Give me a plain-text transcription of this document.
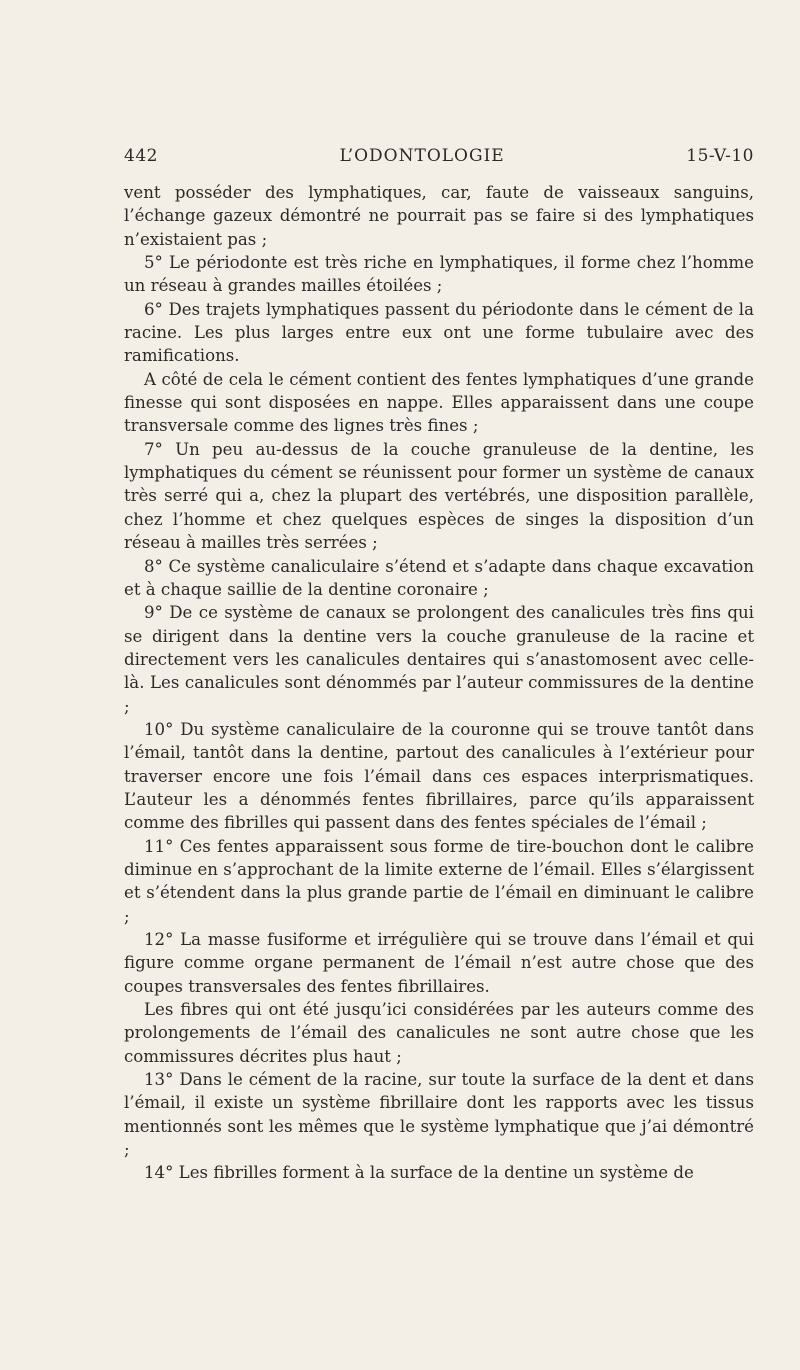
442	L’ODONTOLOGIE	15-V-10

vent posséder des lymphatiques, car, faute de vaisseaux sanguins, l’échange gazeux démontré ne pourrait pas se faire si des lymphatiques n’existaient pas ;

5° Le périodonte est très riche en lymphatiques, il forme chez l’homme un réseau à grandes mailles étoilées ;

6° Des trajets lymphatiques passent du périodonte dans le cément de la racine. Les plus larges entre eux ont une forme tubulaire avec des ramifications.

A côté de cela le cément contient des fentes lymphatiques d’une grande finesse qui sont disposées en nappe. Elles apparaissent dans une coupe transversale comme des lignes très fines ;

7° Un peu au-dessus de la couche granuleuse de la dentine, les lymphatiques du cément se réunissent pour former un système de canaux très serré qui a, chez la plupart des vertébrés, une disposition parallèle, chez l’homme et chez quelques espèces de singes la disposition d’un réseau à mailles très serrées ;

8° Ce système canaliculaire s’étend et s’adapte dans chaque excavation et à chaque saillie de la dentine coronaire ;

9° De ce système de canaux se prolongent des canalicules très fins qui se dirigent dans la dentine vers la couche granuleuse de la racine et directement vers les canalicules dentaires qui s’anastomosent avec celle-là. Les canalicules sont dénommés par l’auteur commissures de la dentine ;

10° Du système canaliculaire de la couronne qui se trouve tantôt dans l’émail, tantôt dans la dentine, partout des canalicules à l’extérieur pour traverser encore une fois l’émail dans ces espaces interprismatiques. L’auteur les a dénommés fentes fibrillaires, parce qu’ils apparaissent comme des fibrilles qui passent dans des fentes spéciales de l’émail ;

11° Ces fentes apparaissent sous forme de tire-bouchon dont le calibre diminue en s’approchant de la limite externe de l’émail. Elles s’élargissent et s’étendent dans la plus grande partie de l’émail en diminuant le calibre ;

12° La masse fusiforme et irrégulière qui se trouve dans l’émail et qui figure comme organe permanent de l’émail n’est autre chose que des coupes transversales des fentes fibrillaires.

Les fibres qui ont été jusqu’ici considérées par les auteurs comme des prolongements de l’émail des canalicules ne sont autre chose que les commissures décrites plus haut ;

13° Dans le cément de la racine, sur toute la surface de la dent et dans l’émail, il existe un système fibrillaire dont les rapports avec les tissus mentionnés sont les mêmes que le système lymphatique que j’ai démontré ;

14° Les fibrilles forment à la surface de la dentine un système de
